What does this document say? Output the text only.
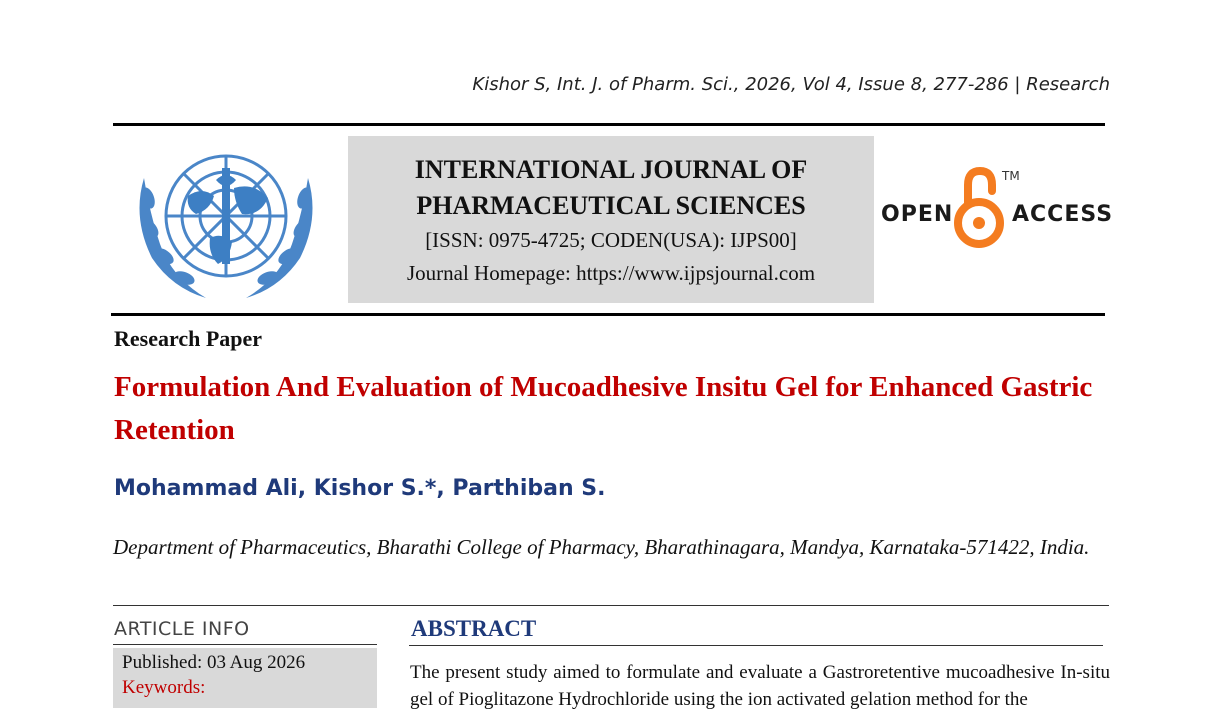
Kishor S, Int. J. of Pharm. Sci., 2026, Vol 4, Issue 8, 277-286 | Research
INTERNATIONAL JOURNAL OF
PHARMACEUTICAL SCIENCES
[ISSN: 0975-4725; CODEN(USA): IJPS00]
Journal Homepage: https://www.ijpsjournal.com
OPEN
TM
ACCESS
Research Paper
Formulation And Evaluation of Mucoadhesive Insitu Gel for Enhanced Gastric Retention
Mohammad Ali, Kishor S.*, Parthiban S.
Department of Pharmaceutics, Bharathi College of Pharmacy, Bharathinagara, Mandya, Karnataka-571422, India.
ARTICLE INFO
Published: 03 Aug 2026
Keywords:
ABSTRACT

The present study aimed to formulate and evaluate a Gastroretentive mucoadhesive In-situ gel of Pioglitazone Hydrochloride using the ion activated gelation method for the
